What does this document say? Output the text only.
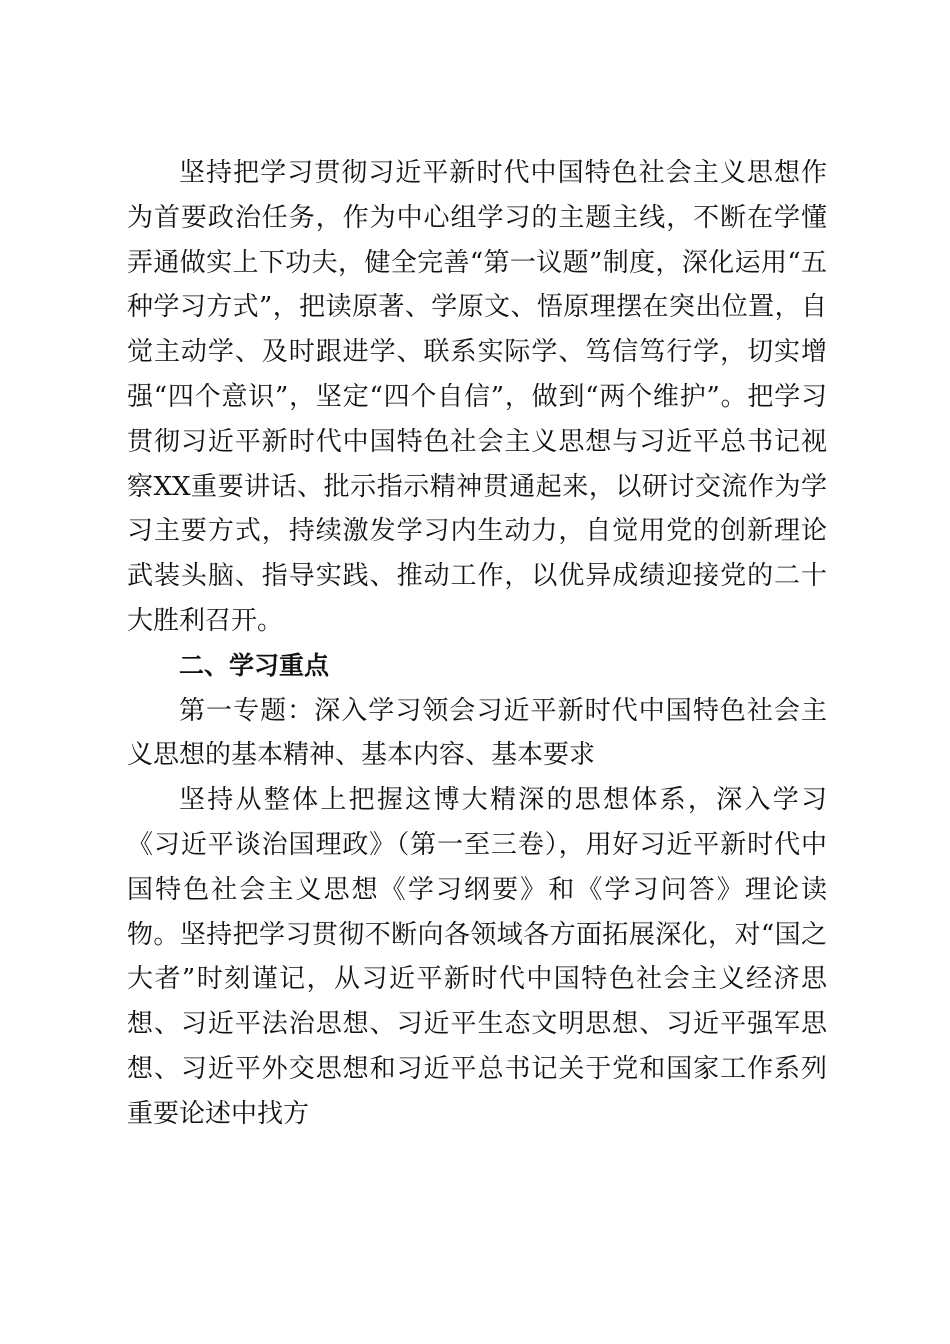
坚持把学习贯彻习近平新时代中国特色社会主义思想作为首要政治任务，作为中心组学习的主题主线，不断在学懂弄通做实上下功夫，健全完善“第一议题”制度，深化运用“五种学习方式”，把读原著、学原文、悟原理摆在突出位置，自觉主动学、及时跟进学、联系实际学、笃信笃行学，切实增强“四个意识”，坚定“四个自信”，做到“两个维护”。把学习贯彻习近平新时代中国特色社会主义思想与习近平总书记视察XX重要讲话、批示指示精神贯通起来，以研讨交流作为学习主要方式，持续激发学习内生动力，自觉用党的创新理论武装头脑、指导实践、推动工作，以优异成绩迎接党的二十大胜利召开。

二、学习重点

第一专题：深入学习领会习近平新时代中国特色社会主义思想的基本精神、基本内容、基本要求

坚持从整体上把握这博大精深的思想体系，深入学习《习近平谈治国理政》（第一至三卷），用好习近平新时代中国特色社会主义思想《学习纲要》和《学习问答》理论读物。坚持把学习贯彻不断向各领域各方面拓展深化，对“国之大者”时刻谨记，从习近平新时代中国特色社会主义经济思想、习近平法治思想、习近平生态文明思想、习近平强军思想、习近平外交思想和习近平总书记关于党和国家工作系列重要论述中找方
